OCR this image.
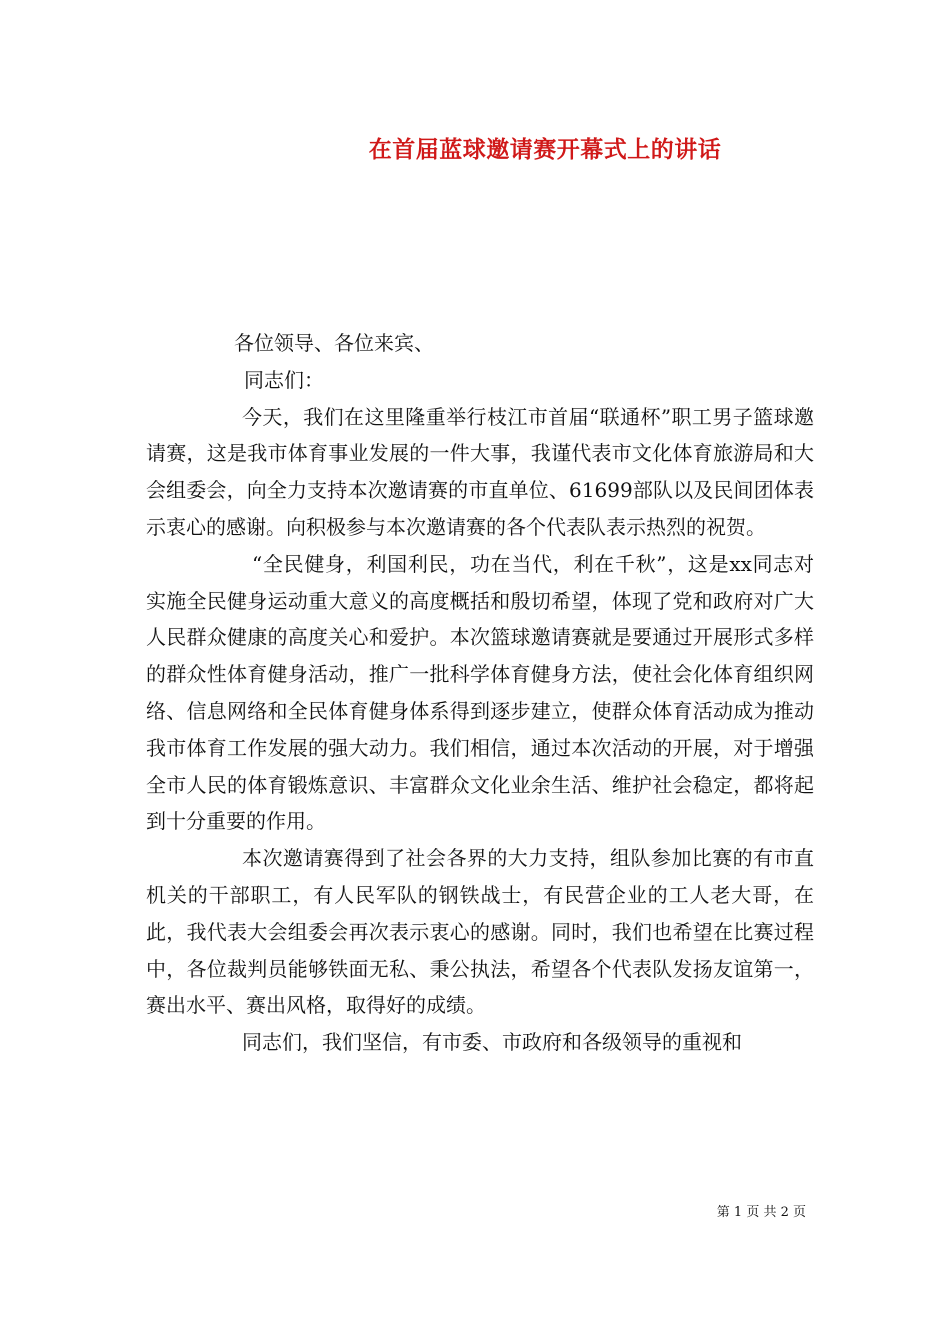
在首届蓝球邀请赛开幕式上的讲话

各位领导、各位来宾、

同志们：

今天，我们在这里隆重举行枝江市首届“联通杯”职工男子篮球邀请赛，这是我市体育事业发展的一件大事，我谨代表市文化体育旅游局和大会组委会，向全力支持本次邀请赛的市直单位、61699部队以及民间团体表示衷心的感谢。向积极参与本次邀请赛的各个代表队表示热烈的祝贺。

“全民健身，利国利民，功在当代，利在千秋”，这是xx同志对实施全民健身运动重大意义的高度概括和殷切希望，体现了党和政府对广大人民群众健康的高度关心和爱护。本次篮球邀请赛就是要通过开展形式多样的群众性体育健身活动，推广一批科学体育健身方法，使社会化体育组织网络、信息网络和全民体育健身体系得到逐步建立，使群众体育活动成为推动我市体育工作发展的强大动力。我们相信，通过本次活动的开展，对于增强全市人民的体育锻炼意识、丰富群众文化业余生活、维护社会稳定，都将起到十分重要的作用。

本次邀请赛得到了社会各界的大力支持，组队参加比赛的有市直机关的干部职工，有人民军队的钢铁战士，有民营企业的工人老大哥，在此，我代表大会组委会再次表示衷心的感谢。同时，我们也希望在比赛过程中，各位裁判员能够铁面无私、秉公执法，希望各个代表队发扬友谊第一，赛出水平、赛出风格，取得好的成绩。

同志们，我们坚信，有市委、市政府和各级领导的重视和

第 1 页 共 2 页
